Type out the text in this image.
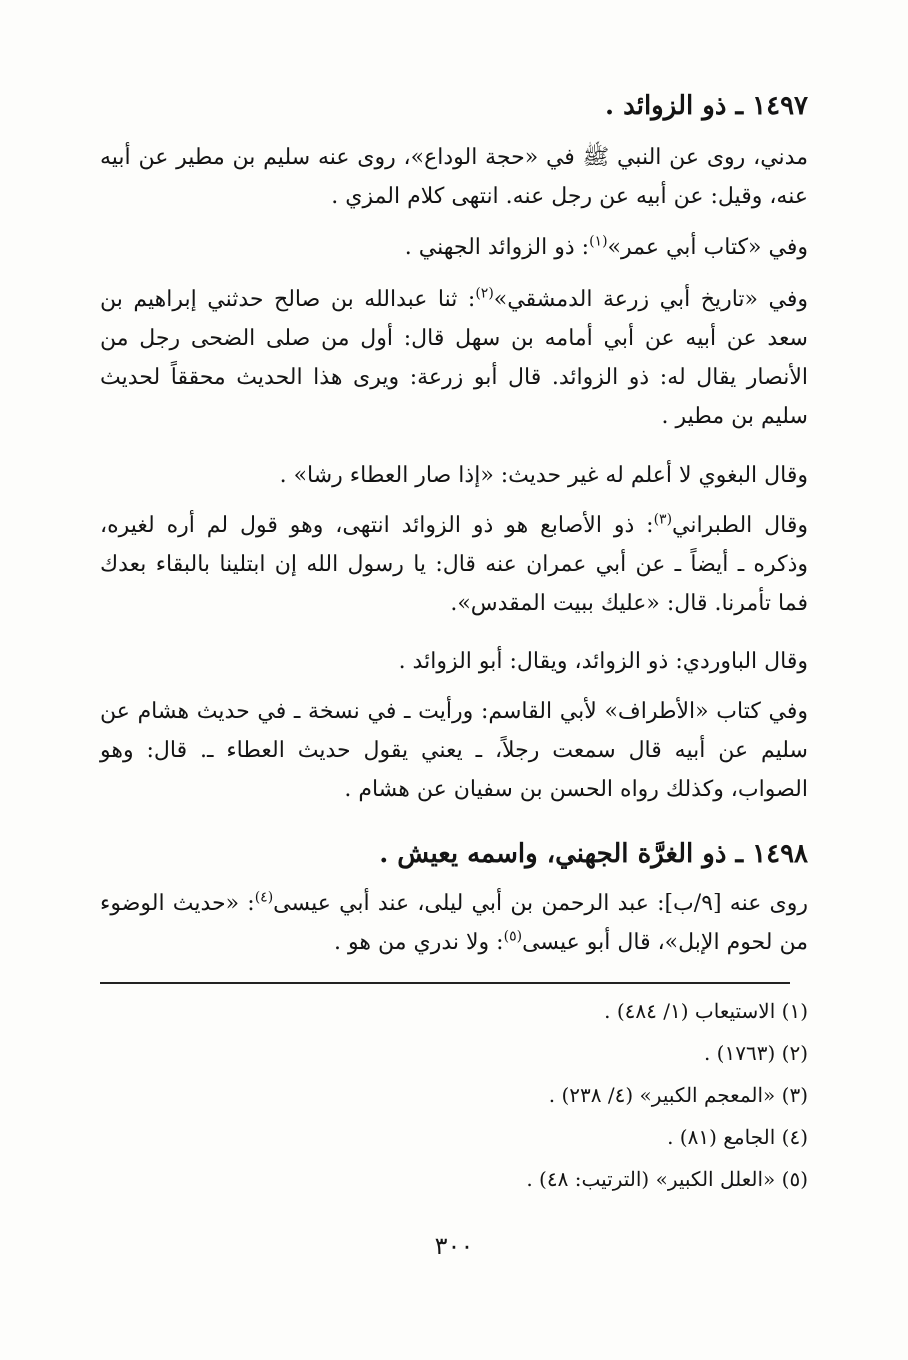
١٤٩٧ ـ ذو الزوائد .
مدني، روى عن النبي ﷺ في «حجة الوداع»، روى عنه سليم بن مطير عن أبيه عنه، وقيل: عن أبيه عن رجل عنه. انتهى كلام المزي .
وفي «كتاب أبي عمر»$^{(١)}$: ذو الزوائد الجهني .
وفي «تاريخ أبي زرعة الدمشقي»$^{(٢)}$: ثنا عبدالله بن صالح حدثني إبراهيم بن سعد عن أبيه عن أبي أمامه بن سهل قال: أول من صلى الضحى رجل من الأنصار يقال له: ذو الزوائد. قال أبو زرعة: ويرى هذا الحديث محققاً لحديث سليم بن مطير .
وقال البغوي لا أعلم له غير حديث: «إذا صار العطاء رشا» .
وقال الطبراني$^{(٣)}$: ذو الأصابع هو ذو الزوائد انتهى، وهو قول لم أره لغيره، وذكره ـ أيضاً ـ عن أبي عمران عنه قال: يا رسول الله إن ابتلينا بالبقاء بعدك فما تأمرنا. قال: «عليك ببيت المقدس».
وقال الباوردي: ذو الزوائد، ويقال: أبو الزوائد .
وفي كتاب «الأطراف» لأبي القاسم: ورأيت ـ في نسخة ـ في حديث هشام عن سليم عن أبيه قال سمعت رجلاً، ـ يعني يقول حديث العطاء ـ. قال: وهو الصواب، وكذلك رواه الحسن بن سفيان عن هشام .
١٤٩٨ ـ ذو الغرَّة الجهني، واسمه يعيش .
روى عنه [٩/ب]: عبد الرحمن بن أبي ليلى، عند أبي عيسى$^{(٤)}$: «حديث الوضوء من لحوم الإبل»، قال أبو عيسى$^{(٥)}$: ولا ندري من هو .
(١) الاستيعاب (١/ ٤٨٤) .
(٢) (١٧٦٣) .
(٣) «المعجم الكبير» (٤/ ٢٣٨) .
(٤) الجامع (٨١) .
(٥) «العلل الكبير» (الترتيب: ٤٨) .
٣٠٠
